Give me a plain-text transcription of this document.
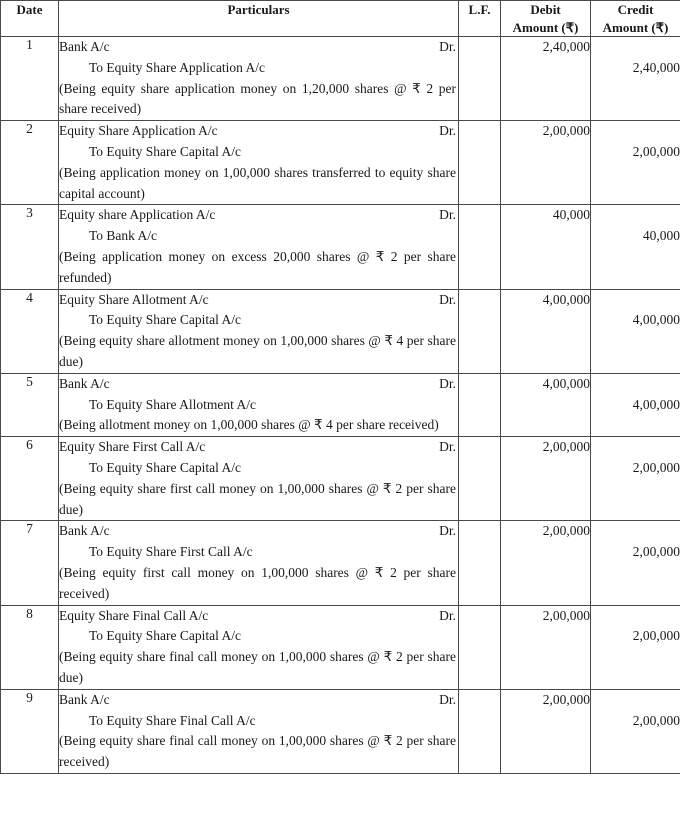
Date	Particulars	L.F.	Debit
Amount (₹)	Credit
Amount (₹)

1	Bank A/c Dr.
To Equity Share Application A/c
(Being equity share application money on 1,20,000 shares @ ₹ 2 per share received)		2,40,000	2,40,000

2	Equity Share Application A/c Dr.
To Equity Share Capital A/c
(Being application money on 1,00,000 shares transferred to equity share capital account)		2,00,000	2,00,000

3	Equity share Application A/c Dr.
To Bank A/c
(Being application money on excess 20,000 shares @ ₹ 2 per share refunded)		40,000	40,000

4	Equity Share Allotment A/c Dr.
To Equity Share Capital A/c
(Being equity share allotment money on 1,00,000 shares @ ₹ 4 per share due)		4,00,000	4,00,000

5	Bank A/c Dr.
To Equity Share Allotment A/c
(Being allotment money on 1,00,000 shares @ ₹ 4 per share received)		4,00,000	4,00,000

6	Equity Share First Call A/c Dr.
To Equity Share Capital A/c
(Being equity share first call money on 1,00,000 shares @ ₹ 2 per share due)		2,00,000	2,00,000

7	Bank A/c Dr.
To Equity Share First Call A/c
(Being equity first call money on 1,00,000 shares @ ₹ 2 per share received)		2,00,000	2,00,000

8	Equity Share Final Call A/c Dr.
To Equity Share Capital A/c
(Being equity share final call money on 1,00,000 shares @ ₹ 2 per share due)		2,00,000	2,00,000

9	Bank A/c Dr.
To Equity Share Final Call A/c
(Being equity share final call money on 1,00,000 shares @ ₹ 2 per share received)		2,00,000	2,00,000
